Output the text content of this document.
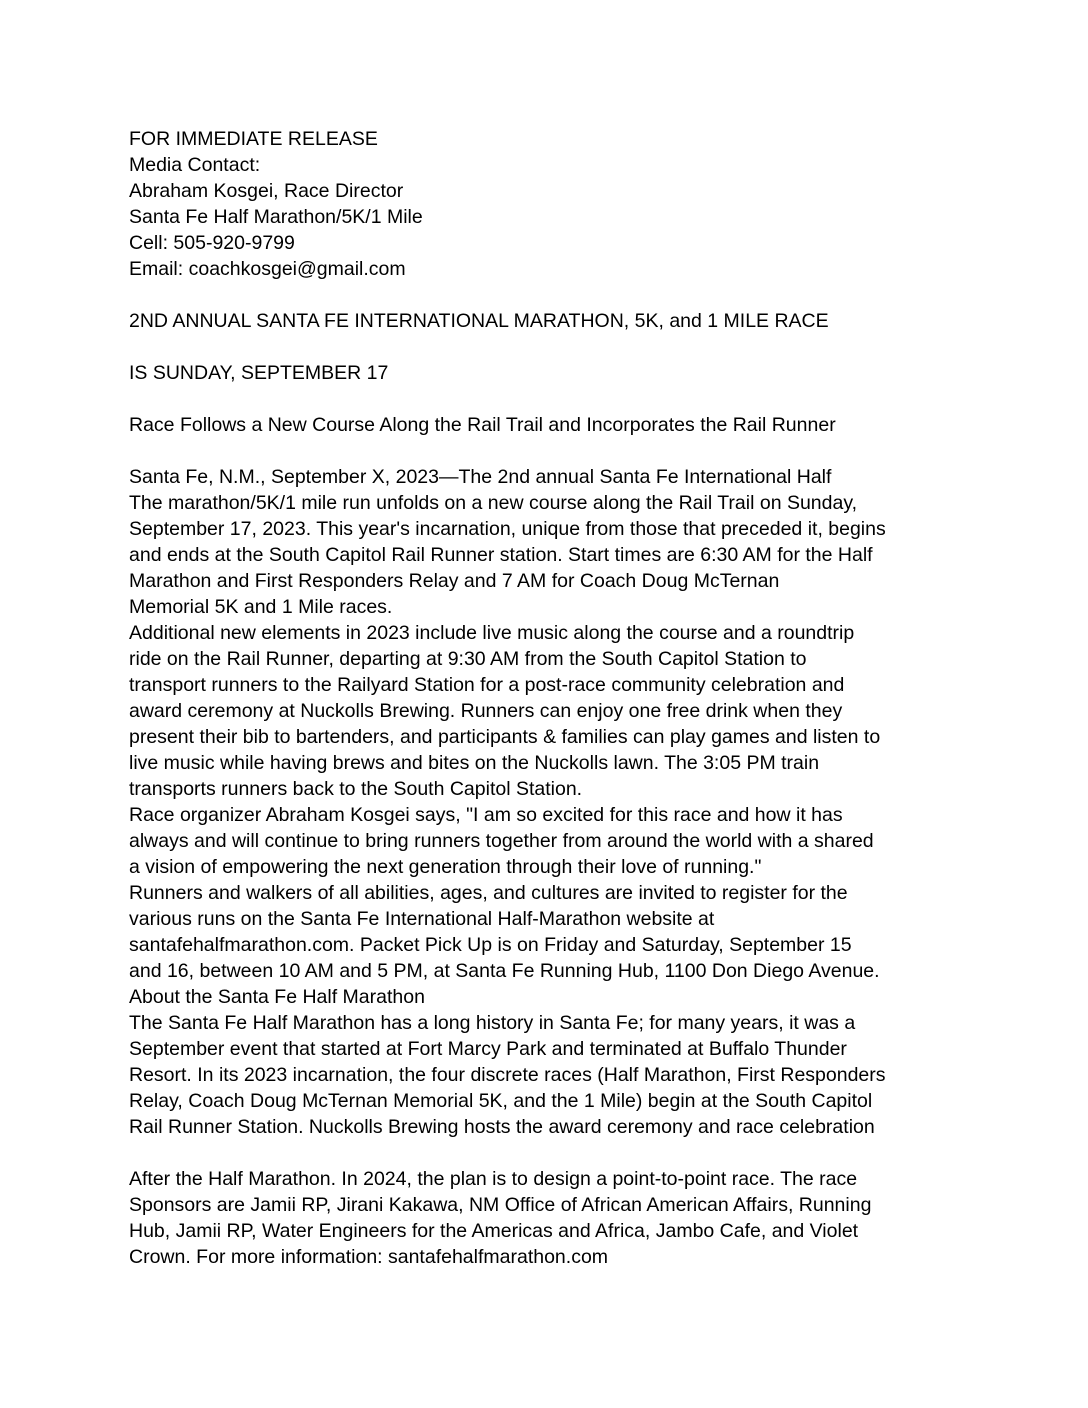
FOR IMMEDIATE RELEASE
Media Contact:
Abraham Kosgei, Race Director
Santa Fe Half Marathon/5K/1 Mile
Cell: 505-920-9799
Email: coachkosgei@gmail.com
2ND ANNUAL SANTA FE INTERNATIONAL MARATHON, 5K, and 1 MILE RACE
IS SUNDAY, SEPTEMBER 17
Race Follows a New Course Along the Rail Trail and Incorporates the Rail Runner
Santa Fe, N.M., September X, 2023—The 2nd annual Santa Fe International Half
The marathon/5K/1 mile run unfolds on a new course along the Rail Trail on Sunday,
September 17, 2023. This year's incarnation, unique from those that preceded it, begins
and ends at the South Capitol Rail Runner station. Start times are 6:30 AM for the Half
Marathon and First Responders Relay and 7 AM for Coach Doug McTernan
Memorial 5K and 1 Mile races.
Additional new elements in 2023 include live music along the course and a roundtrip
ride on the Rail Runner, departing at 9:30 AM from the South Capitol Station to
transport runners to the Railyard Station for a post-race community celebration and
award ceremony at Nuckolls Brewing. Runners can enjoy one free drink when they
present their bib to bartenders, and participants & families can play games and listen to
live music while having brews and bites on the Nuckolls lawn. The 3:05 PM train
transports runners back to the South Capitol Station.
Race organizer Abraham Kosgei says, "I am so excited for this race and how it has
always and will continue to bring runners together from around the world with a shared
a vision of empowering the next generation through their love of running."
Runners and walkers of all abilities, ages, and cultures are invited to register for the
various runs on the Santa Fe International Half-Marathon website at
santafehalfmarathon.com. Packet Pick Up is on Friday and Saturday, September 15
and 16, between 10 AM and 5 PM, at Santa Fe Running Hub, 1100 Don Diego Avenue.
About the Santa Fe Half Marathon
The Santa Fe Half Marathon has a long history in Santa Fe; for many years, it was a
September event that started at Fort Marcy Park and terminated at Buffalo Thunder
Resort. In its 2023 incarnation, the four discrete races (Half Marathon, First Responders
Relay, Coach Doug McTernan Memorial 5K, and the 1 Mile) begin at the South Capitol
Rail Runner Station. Nuckolls Brewing hosts the award ceremony and race celebration
After the Half Marathon. In 2024, the plan is to design a point-to-point race. The race
Sponsors are Jamii RP, Jirani Kakawa, NM Office of African American Affairs, Running
Hub, Jamii RP, Water Engineers for the Americas and Africa, Jambo Cafe, and Violet
Crown. For more information: santafehalfmarathon.com
